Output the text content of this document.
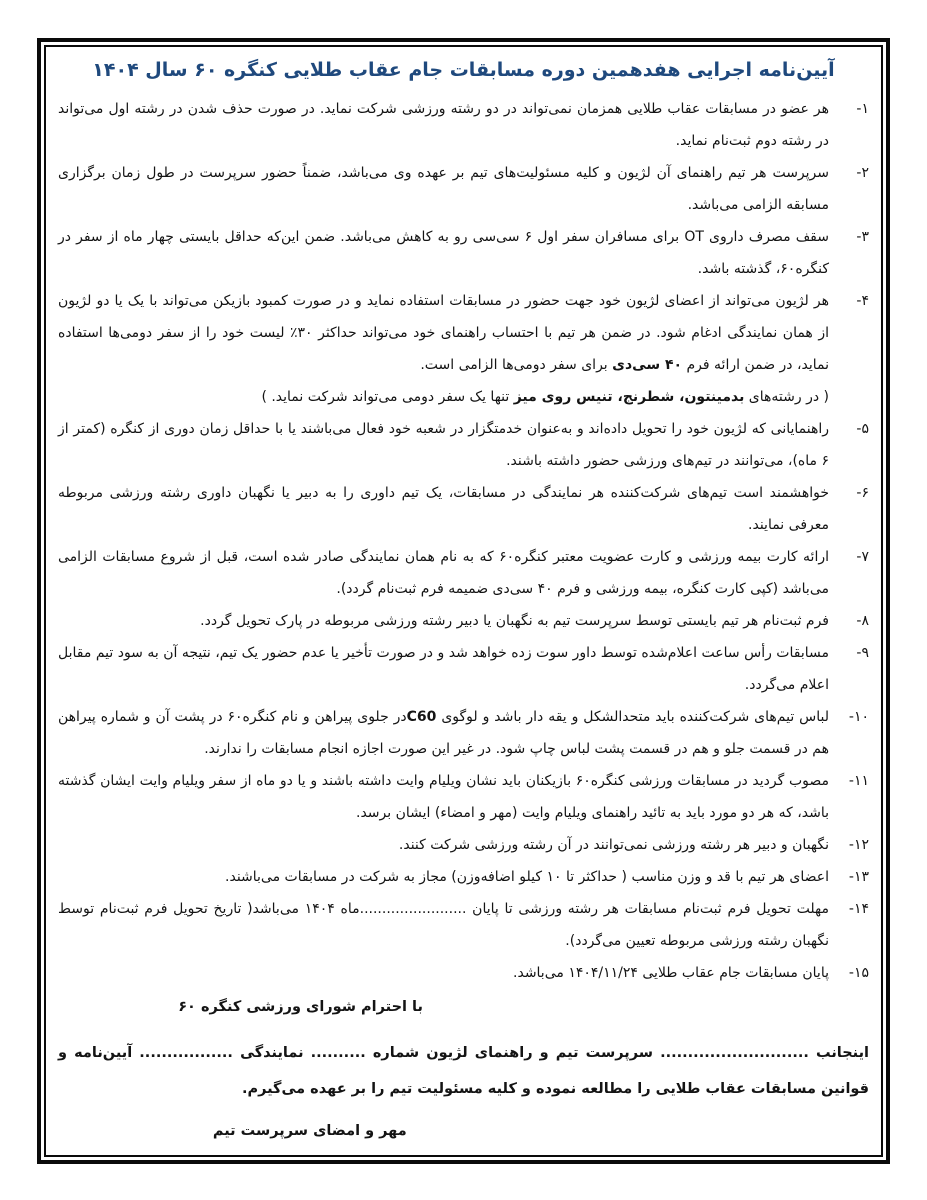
آیین‌نامه اجرایی هفدهمین دوره مسابقات جام عقاب طلایی کنگره ۶۰ سال ۱۴۰۴
۱-

هر عضو در مسابقات عقاب طلایی همزمان نمی‌تواند در دو رشته ورزشی شرکت نماید. در صورت حذف شدن در رشته اول می‌تواند در رشته دوم ثبت‌نام نماید.

۲-

سرپرست هر تیم راهنمای آن لژیون و کلیه مسئولیت‌های تیم بر عهده وی می‌باشد، ضمناً حضور سرپرست در طول زمان برگزاری مسابقه الزامی می‌باشد.

۳-

سقف مصرف داروی OT برای مسافران سفر اول ۶ سی‌سی رو به کاهش می‌باشد. ضمن این‌که حداقل بایستی چهار ماه از سفر در کنگره۶۰، گذشته باشد.

۴-

هر لژیون می‌تواند از اعضای لژیون خود جهت حضور در مسابقات استفاده نماید و در صورت کمبود بازیکن می‌تواند با یک یا دو لژیون از همان نمایندگی ادغام شود. در ضمن هر تیم با احتساب راهنمای خود می‌تواند حداکثر ۳۰٪ لیست خود را از سفر دومی‌ها استفاده نماید، در ضمن ارائه فرم ۴۰ سی‌دی برای سفر دومی‌ها الزامی است.

( در رشته‌های بدمینتون، شطرنج، تنیس روی میز تنها یک سفر دومی می‌تواند شرکت نماید. )

۵-

راهنمایانی که لژیون خود را تحویل داده‌اند و به‌عنوان خدمتگزار در شعبه خود فعال می‌باشند یا با حداقل زمان دوری از کنگره (کمتر از ۶ ماه)، می‌توانند در تیم‌های ورزشی حضور داشته باشند.

۶-

خواهشمند است تیم‌های شرکت‌کننده هر نمایندگی در مسابقات، یک تیم داوری را به دبیر یا نگهبان داوری رشته ورزشی مربوطه معرفی نمایند.

۷-

ارائه کارت بیمه ورزشی و کارت عضویت معتبر کنگره۶۰ که به نام همان نمایندگی صادر شده است، قبل از شروع مسابقات الزامی می‌باشد (کپی کارت کنگره، بیمه ورزشی و فرم ۴۰ سی‌دی ضمیمه فرم ثبت‌نام گردد).

۸-

فرم ثبت‌نام هر تیم بایستی توسط سرپرست تیم به نگهبان یا دبیر رشته ورزشی مربوطه در پارک تحویل گردد.

۹-

مسابقات رأس ساعت اعلام‌شده توسط داور سوت زده خواهد شد و در صورت تأخیر یا عدم حضور یک تیم، نتیجه آن به سود تیم مقابل اعلام می‌گردد.

۱۰-

لباس تیم‌های شرکت‌کننده باید متحدالشکل و یقه دار باشد و لوگوی C60در جلوی پیراهن و نام کنگره۶۰ در پشت آن و شماره پیراهن هم در قسمت جلو و هم در قسمت پشت لباس چاپ شود. در غیر این صورت اجازه انجام مسابقات را ندارند.

۱۱-

مصوب گردید در مسابقات ورزشی کنگره۶۰ بازیکنان باید نشان ویلیام وایت داشته باشند و یا دو ماه از سفر ویلیام وایت ایشان گذشته باشد، که هر دو مورد باید به تائید راهنمای ویلیام وایت (مهر و امضاء) ایشان برسد.

۱۲-

نگهبان و دبیر هر رشته ورزشی نمی‌توانند در آن رشته ورزشی شرکت کنند.

۱۳-

اعضای هر تیم با قد و وزن مناسب ( حداکثر تا ۱۰ کیلو اضافه‌وزن) مجاز به شرکت در مسابقات می‌باشند.

۱۴-

مهلت تحویل فرم ثبت‌نام مسابقات هر رشته ورزشی تا پایان ........................ماه ۱۴۰۴ می‌باشد( تاریخ تحویل فرم ثبت‌نام توسط نگهبان رشته ورزشی مربوطه تعیین می‌گردد).

۱۵-

پایان مسابقات جام عقاب طلایی ۱۴۰۴/۱۱/۲۴ می‌باشد.

با احترام شورای ورزشی کنگره ۶۰

اینجانب ........................... سرپرست تیم و راهنمای لژیون شماره .......... نمایندگی ................. آیین‌نامه و قوانین مسابقات عقاب طلایی را مطالعه نموده و کلیه مسئولیت تیم را بر عهده می‌گیرم.

مهر و امضای سرپرست تیم
